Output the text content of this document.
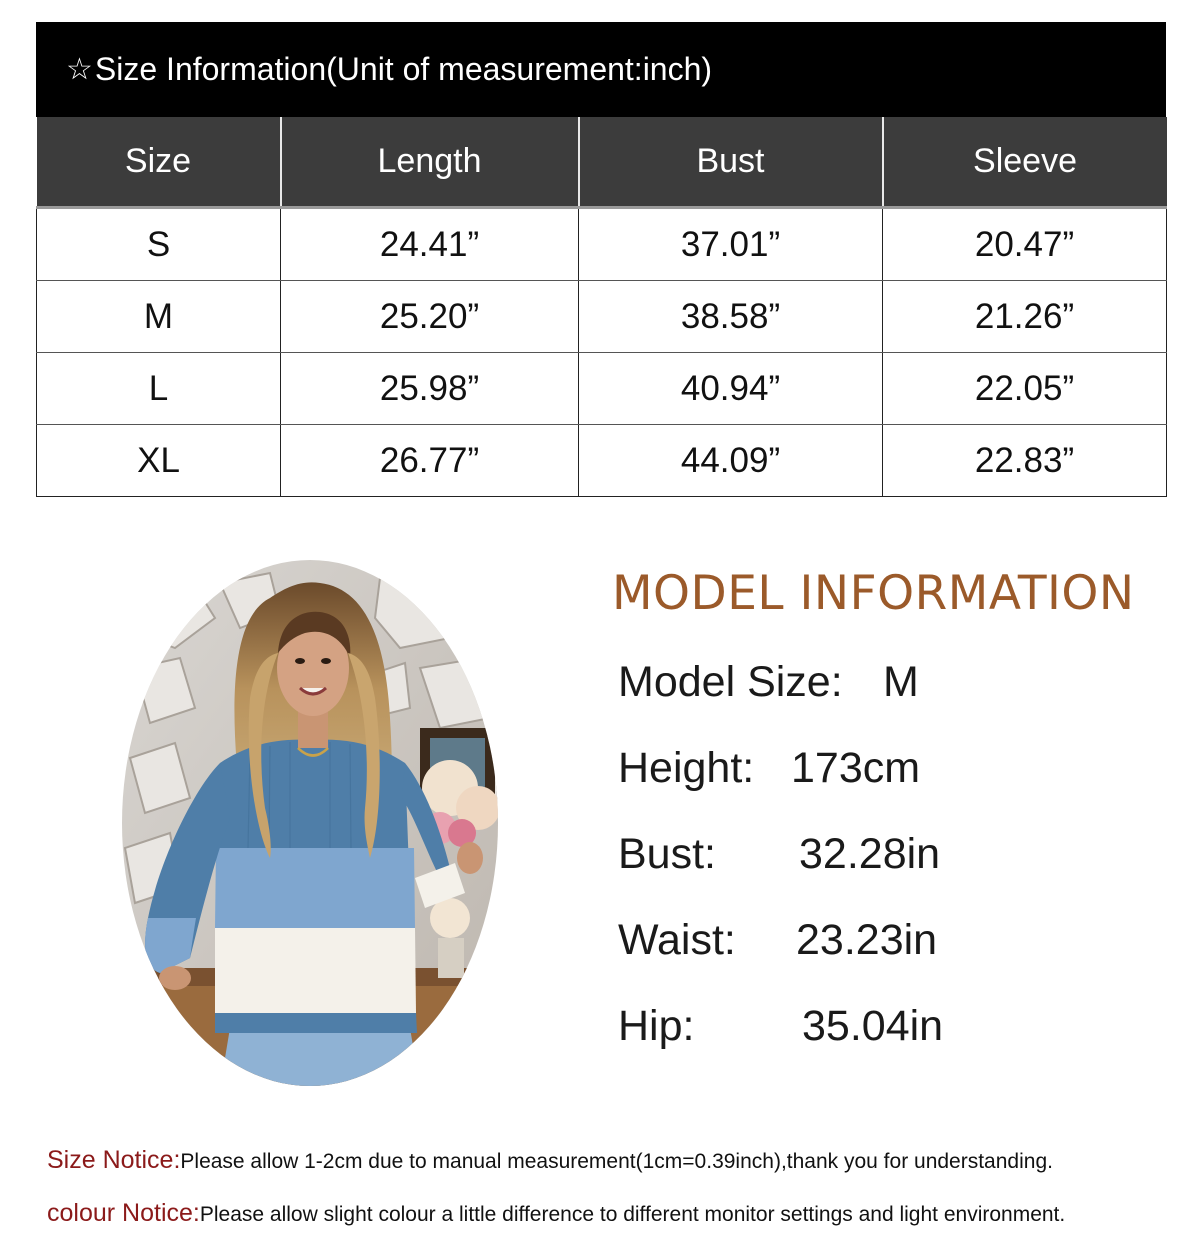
☆ Size Information(Unit of measurement:inch)
Size	Length	Bust	Sleeve
S	24.41”	37.01”	20.47”
M	25.20”	38.58”	21.26”
L	25.98”	40.94”	22.05”
XL	26.77”	44.09”	22.83”
MODEL INFORMATION
Model Size: M
Height: 173cm
Bust: 32.28in
Waist: 23.23in
Hip:	35.04in
Size Notice:Please allow 1-2cm due to manual measurement(1cm=0.39inch),thank you for understanding.
colour Notice:Please allow slight colour a little difference to different monitor settings and light environment.
